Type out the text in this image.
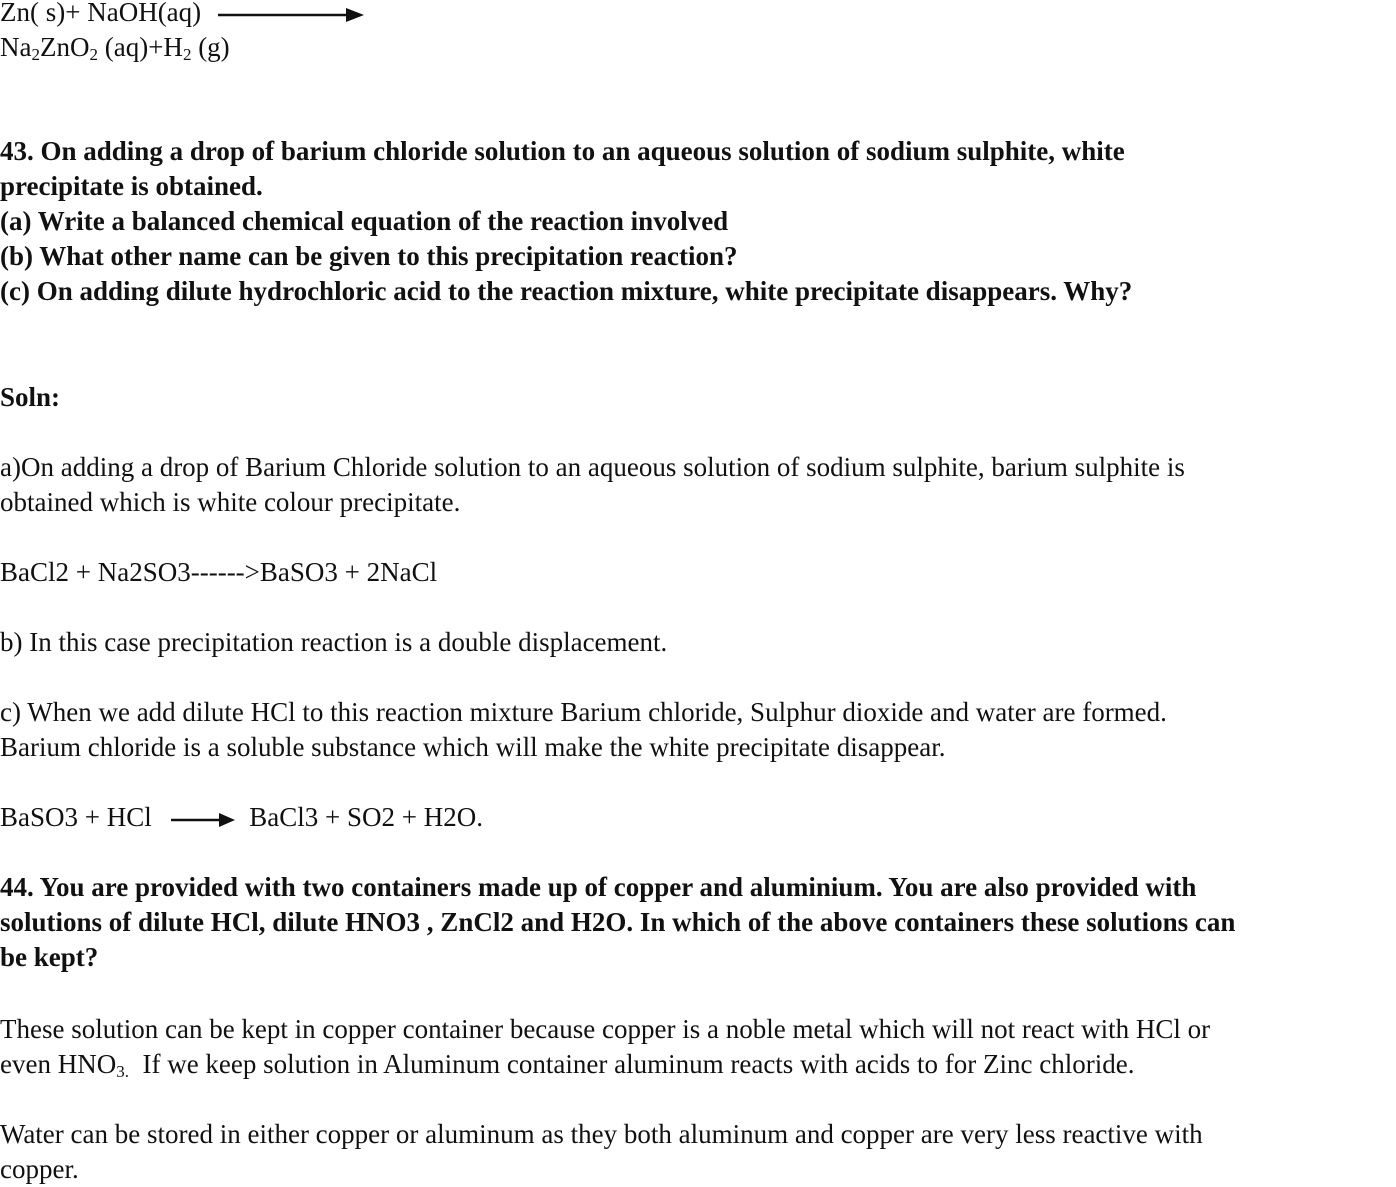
Zn( s)+ NaOH(aq)
$Na_2ZnO_2$ $(aq)+H_2$ (g)
43. On adding a drop of barium chloride solution to an aqueous solution of sodium sulphite, white
precipitate is obtained.
(a) Write a balanced chemical equation of the reaction involved
(b) What other name can be given to this precipitation reaction?
(c) On adding dilute hydrochloric acid to the reaction mixture, white precipitate disappears. Why?
Soln:
a)On adding a drop of Barium Chloride solution to an aqueous solution of sodium sulphite, barium sulphite is
obtained which is white colour precipitate.
BaCl2 + Na2SO3------>BaSO3 + 2NaCl
b) In this case precipitation reaction is a double displacement.
c) When we add dilute HCl to this reaction mixture Barium chloride, Sulphur dioxide and water are formed.
Barium chloride is a soluble substance which will make the white precipitate disappear.
BaSO3 + HCl → BaCl3 + SO2 + H2O.
44. You are provided with two containers made up of copper and aluminium. You are also provided with
solutions of dilute HCl, dilute HNO3 , ZnCl2 and H2O. In which of the above containers these solutions can
be kept?
These solution can be kept in copper container because copper is a noble metal which will not react with HCl or
even $HNO_{3.}$  If we keep solution in Aluminum container aluminum reacts with acids to for Zinc chloride.
Water can be stored in either copper or aluminum as they both aluminum and copper are very less reactive with
copper.
